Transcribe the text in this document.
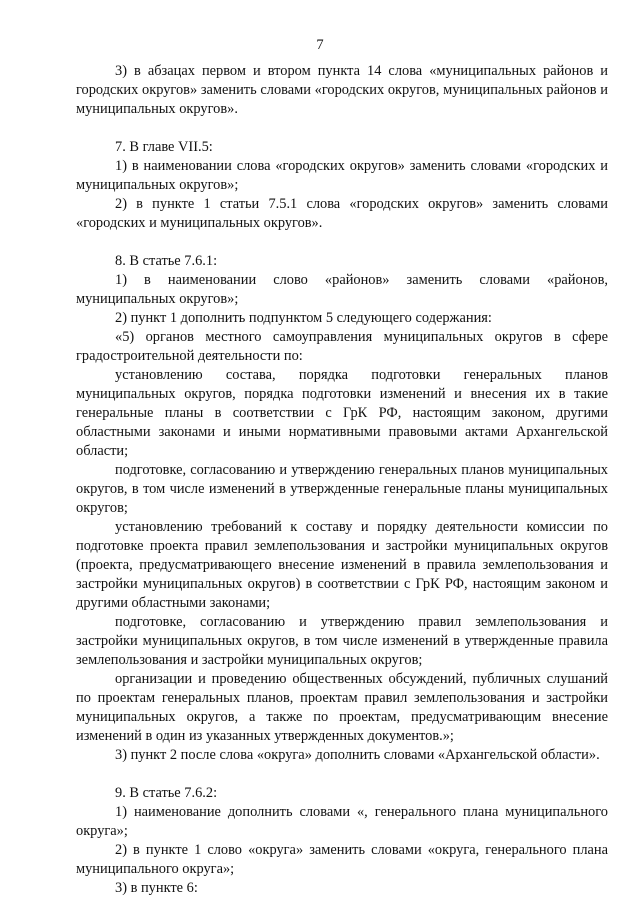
7

3) в абзацах первом и втором пункта 14 слова «муниципальных районов и городских округов» заменить словами «городских округов, муниципальных районов и муниципальных округов».

7. В главе VII.5:

1) в наименовании слова «городских округов» заменить словами «городских и муниципальных округов»;

2) в пункте 1 статьи 7.5.1 слова «городских округов» заменить словами «городских и муниципальных округов».

8. В статье 7.6.1:

1) в наименовании слово «районов» заменить словами «районов, муниципальных округов»;

2) пункт 1 дополнить подпунктом 5 следующего содержания:

«5) органов местного самоуправления муниципальных округов в сфере градостроительной деятельности по:

установлению состава, порядка подготовки генеральных планов муниципальных округов, порядка подготовки изменений и внесения их в такие генеральные планы в соответствии с ГрК РФ, настоящим законом, другими областными законами и иными нормативными правовыми актами Архангельской области;

подготовке, согласованию и утверждению генеральных планов муниципальных округов, в том числе изменений в утвержденные генеральные планы муниципальных округов;

установлению требований к составу и порядку деятельности комиссии по подготовке проекта правил землепользования и застройки муниципальных округов (проекта, предусматривающего внесение изменений в правила землепользования и застройки муниципальных округов) в соответствии с ГрК РФ, настоящим законом и другими областными законами;

подготовке, согласованию и утверждению правил землепользования и застройки муниципальных округов, в том числе изменений в утвержденные правила землепользования и застройки муниципальных округов;

организации и проведению общественных обсуждений, публичных слушаний по проектам генеральных планов, проектам правил землепользования и застройки муниципальных округов, а также по проектам, предусматривающим внесение изменений в один из указанных утвержденных документов.»;

3) пункт 2 после слова «округа» дополнить словами «Архангельской области».

9. В статье 7.6.2:

1) наименование дополнить словами «, генерального плана муниципального округа»;

2) в пункте 1 слово «округа» заменить словами «округа, генерального плана муниципального округа»;

3) в пункте 6:
